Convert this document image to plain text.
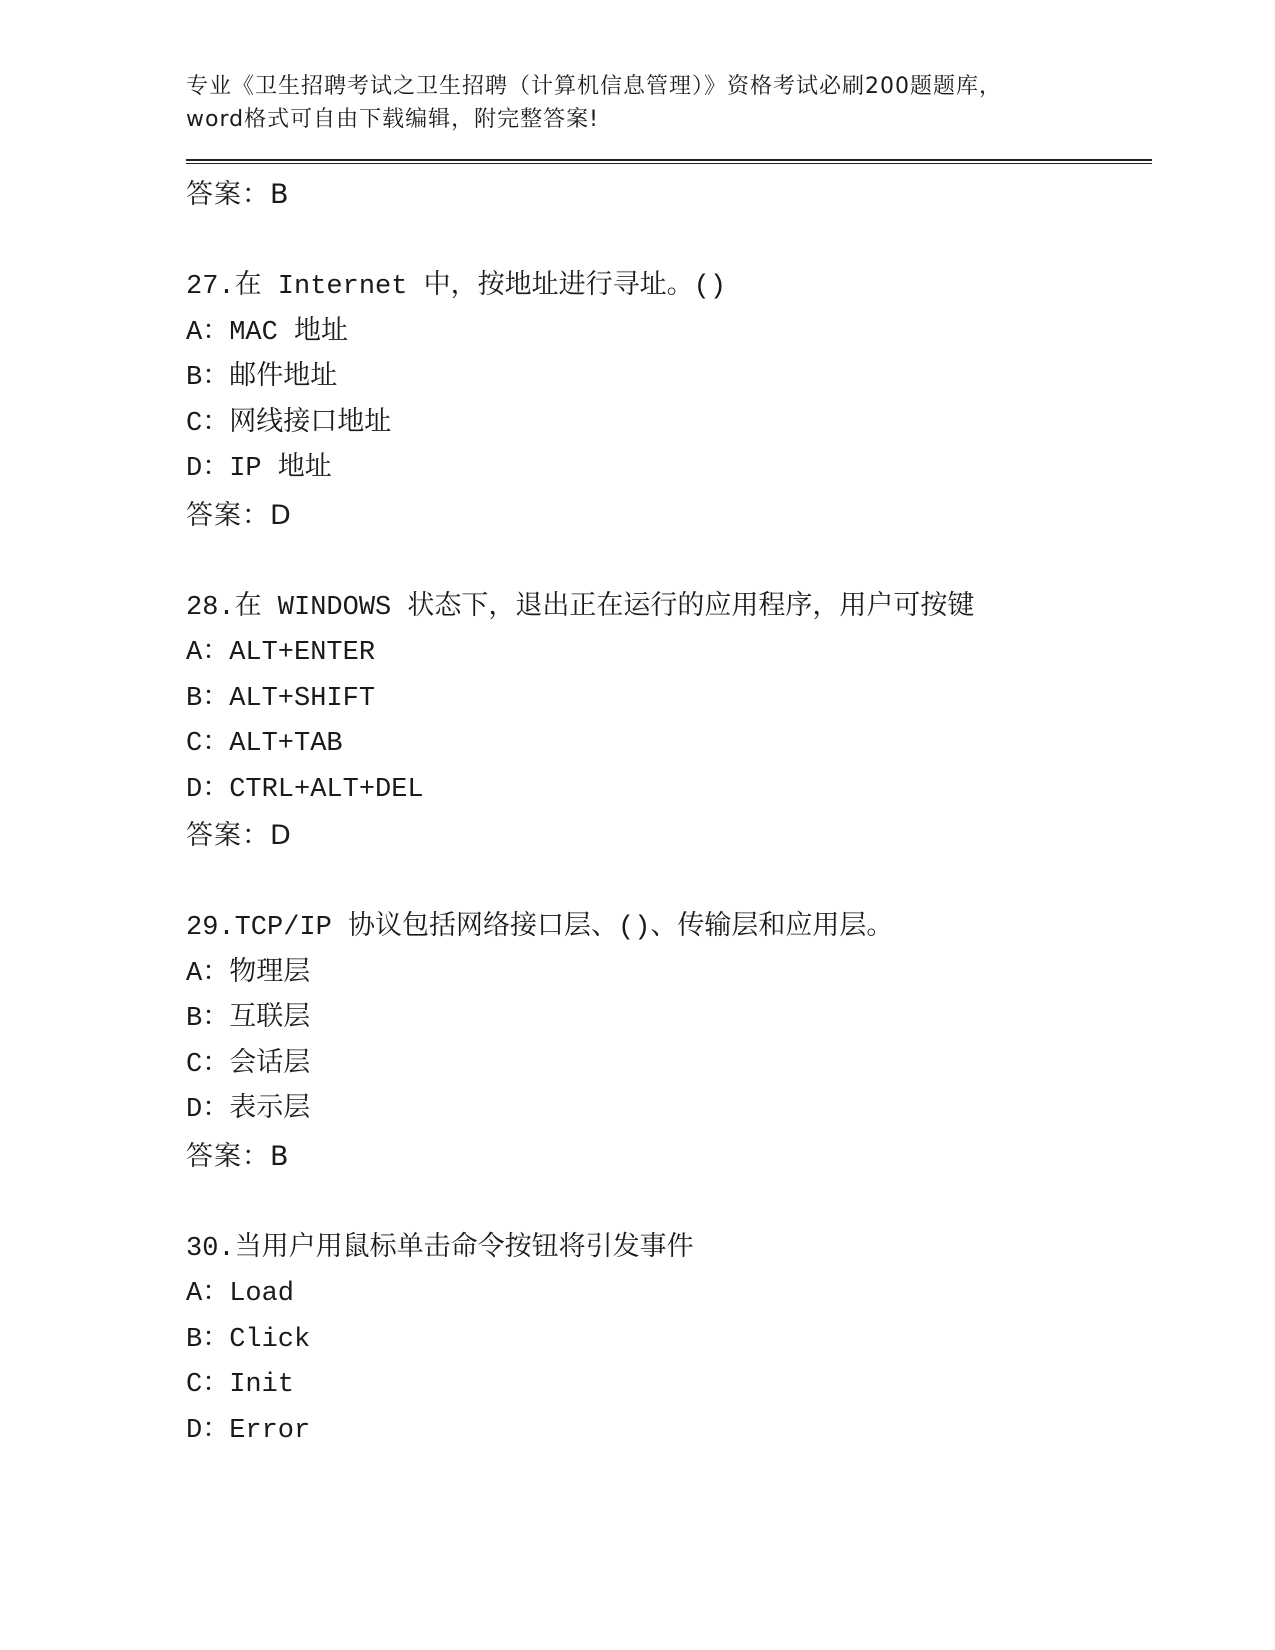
专业《卫生招聘考试之卫生招聘（计算机信息管理）》资格考试必刷200题题库，

word格式可自由下载编辑，附完整答案!

答案：B

27.在 Internet 中，按地址进行寻址。()

A：MAC 地址

B：邮件地址

C：网线接口地址

D：IP 地址

答案：D

28.在 WINDOWS 状态下，退出正在运行的应用程序，用户可按键

A：ALT+ENTER

B：ALT+SHIFT

C：ALT+TAB

D：CTRL+ALT+DEL

答案：D

29.TCP/IP 协议包括网络接口层、()、传输层和应用层。

A：物理层

B：互联层

C：会话层

D：表示层

答案：B

30.当用户用鼠标单击命令按钮将引发事件

A：Load

B：Click

C：Init

D：Error
